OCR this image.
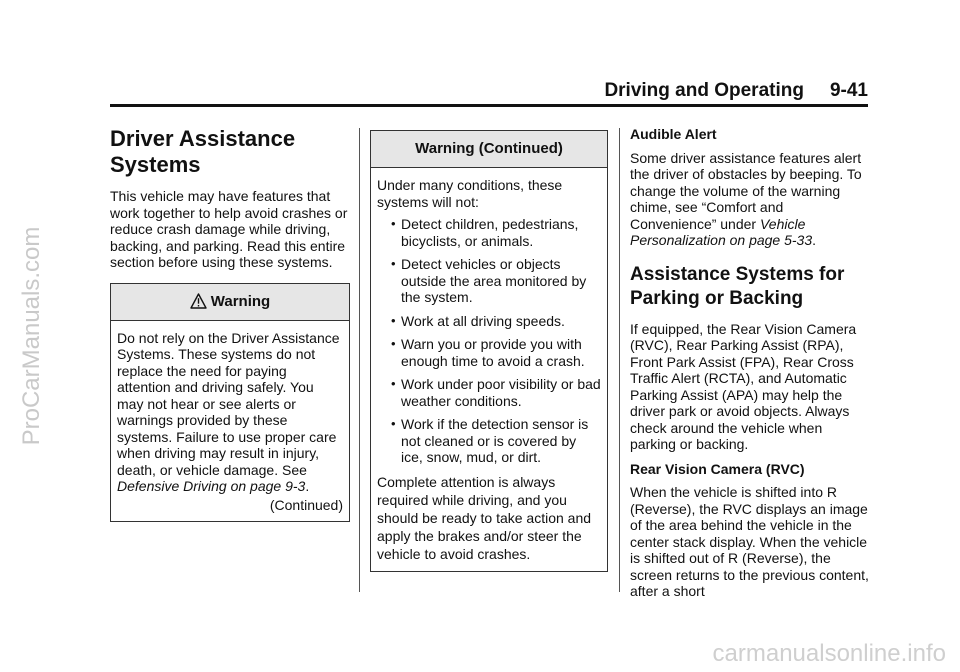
ProCarManuals.com
carmanualsonline.info
Driving and Operating 9-41
Driver Assistance
Systems

This vehicle may have features that work together to help avoid crashes or reduce crash damage while driving, backing, and parking. Read this entire section before using these systems.

Warning

Do not rely on the Driver Assistance Systems. These systems do not replace the need for paying attention and driving safely. You may not hear or see alerts or warnings provided by these systems. Failure to use proper care when driving may result in injury, death, or vehicle damage. See Defensive Driving on page 9-3.

(Continued)
Warning (Continued)

Under many conditions, these systems will not:

• Detect children, pedestrians, bicyclists, or animals.
• Detect vehicles or objects outside the area monitored by the system.
• Work at all driving speeds.
• Warn you or provide you with enough time to avoid a crash.
• Work under poor visibility or bad weather conditions.
• Work if the detection sensor is not cleaned or is covered by ice, snow, mud, or dirt.

Complete attention is always required while driving, and you should be ready to take action and apply the brakes and/or steer the vehicle to avoid crashes.

Audible Alert

Some driver assistance features alert the driver of obstacles by beeping. To change the volume of the warning chime, see “Comfort and Convenience” under Vehicle Personalization on page 5-33.

Assistance Systems for
Parking or Backing

If equipped, the Rear Vision Camera (RVC), Rear Parking Assist (RPA), Front Park Assist (FPA), Rear Cross Traffic Alert (RCTA), and Automatic Parking Assist (APA) may help the driver park or avoid objects. Always check around the vehicle when parking or backing.

Rear Vision Camera (RVC)

When the vehicle is shifted into R (Reverse), the RVC displays an image of the area behind the vehicle in the center stack display. When the vehicle is shifted out of R (Reverse), the screen returns to the previous content, after a short
